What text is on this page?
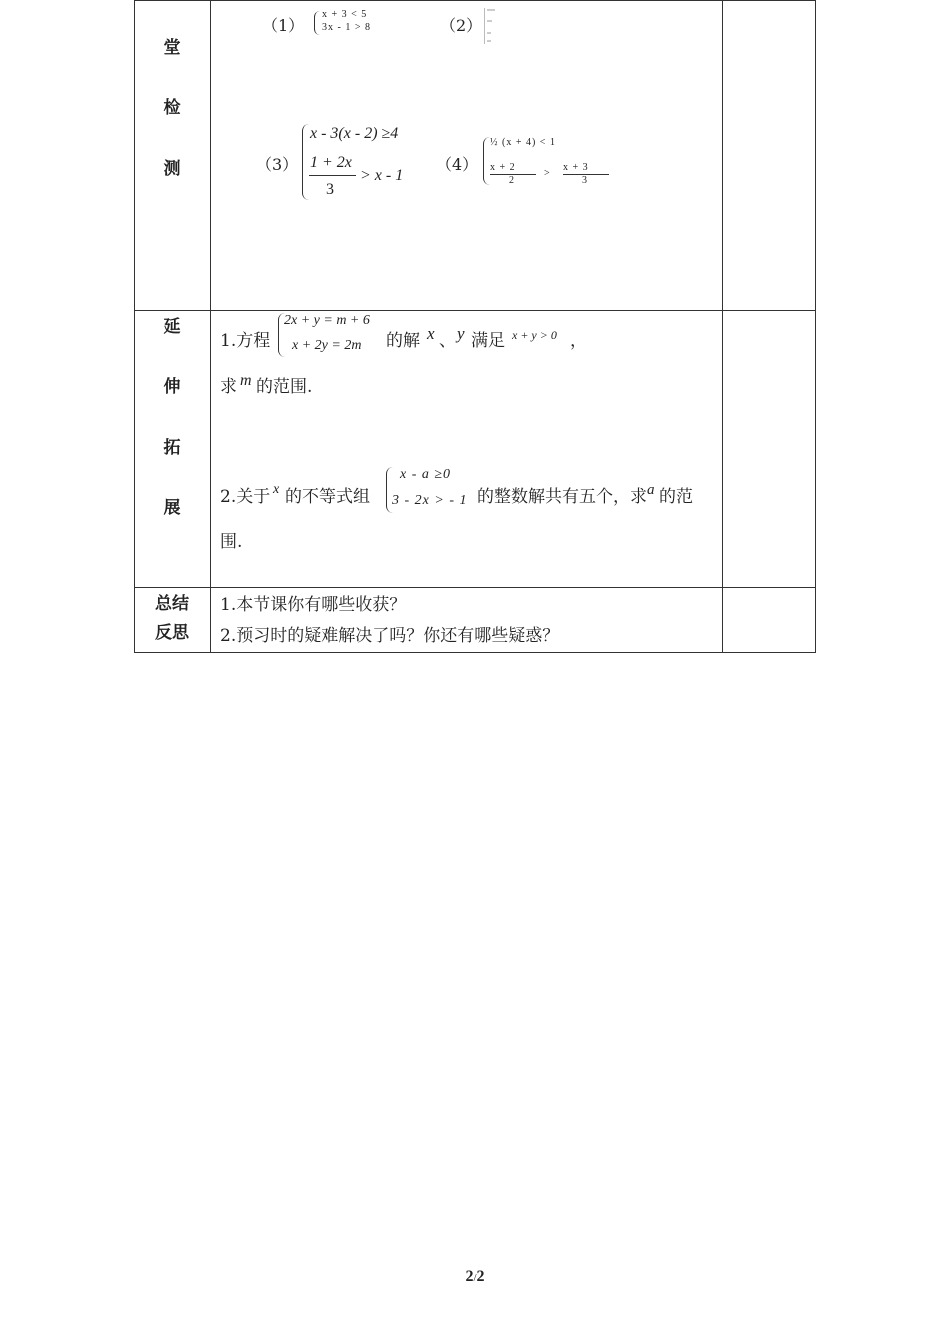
堂
检
测
（1）
x + 3 < 5
3x - 1 > 8	（2）
（3）
x - 3(x - 2) ≥4
1 + 2x
3
> x - 1
（4）
½ (x + 4) < 1
x + 2
2
>
x + 3
3
延
伸
拓
展
1.方程
2x + y = m + 6
x + 2y = 2m 的解 x 、 y 满足 x + y > 0 ，
求 m 的范围.
2.关于 x 的不等式组
x - a ≥0
3 - 2x > - 1 的整数解共有五个，求 a 的范
围.
总结
反思
1.本节课你有哪些收获？
2.预习时的疑难解决了吗？你还有哪些疑惑？
2/2
